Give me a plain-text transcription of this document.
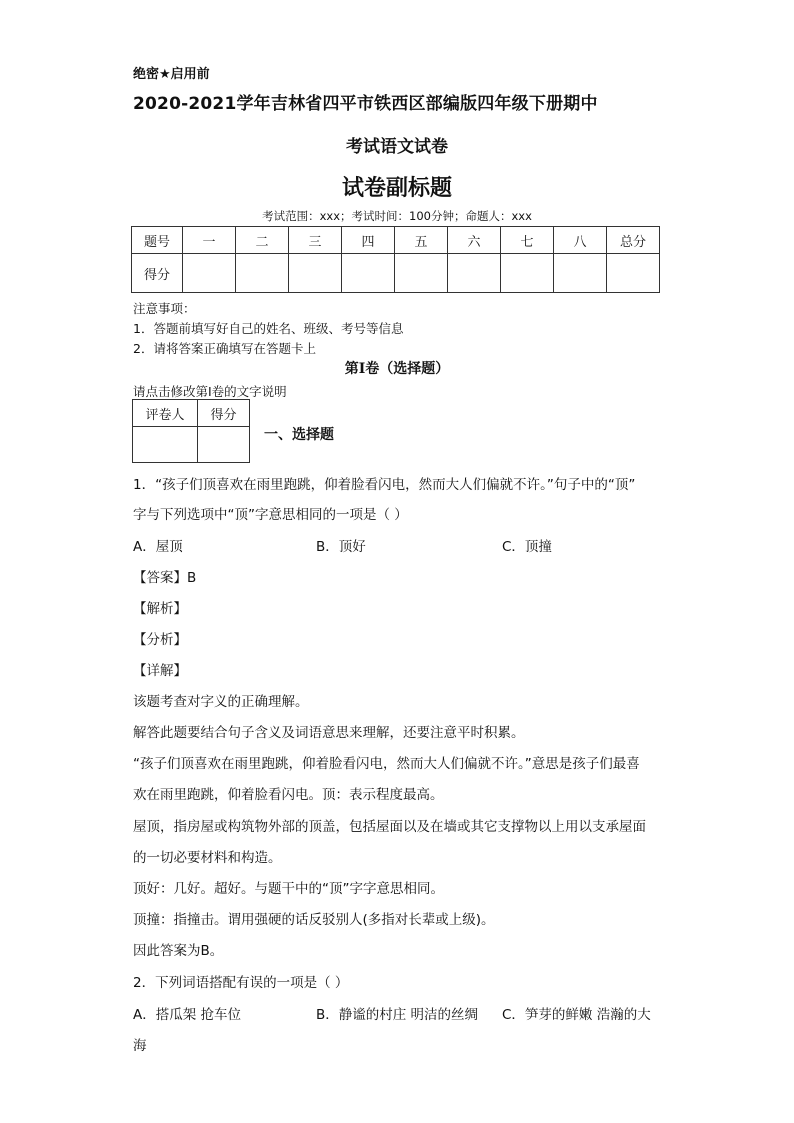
绝密★启用前
2020-2021学年吉林省四平市铁西区部编版四年级下册期中
考试语文试卷
试卷副标题
考试范围：xxx；考试时间：100分钟；命题人：xxx
题号	一	二	三	四	五	六	七	八	总分
得分									
注意事项：
1．答题前填写好自己的姓名、班级、考号等信息
2．请将答案正确填写在答题卡上
第I卷（选择题）
请点击修改第I卷的文字说明
评卷人	得分

一、选择题
1．“孩子们顶喜欢在雨里跑跳，仰着脸看闪电，然而大人们偏就不许。”句子中的“顶”
字与下列选项中“顶”字意思相同的一项是（ ）
A．屋顶	B．顶好	C．顶撞
【答案】B
【解析】
【分析】
【详解】
该题考查对字义的正确理解。
解答此题要结合句子含义及词语意思来理解，还要注意平时积累。
“孩子们顶喜欢在雨里跑跳，仰着脸看闪电，然而大人们偏就不许。”意思是孩子们最喜
欢在雨里跑跳，仰着脸看闪电。顶：表示程度最高。
屋顶，指房屋或构筑物外部的顶盖，包括屋面以及在墙或其它支撑物以上用以支承屋面
的一切必要材料和构造。
顶好：几好。超好。与题干中的“顶”字字意思相同。
顶撞：指撞击。谓用强硬的话反驳别人(多指对长辈或上级)。
因此答案为B。
2．下列词语搭配有误的一项是（ ）
A．搭瓜架 抢车位	B．静谧的村庄 明洁的丝绸 C．笋芽的鲜嫩 浩瀚的大
海
